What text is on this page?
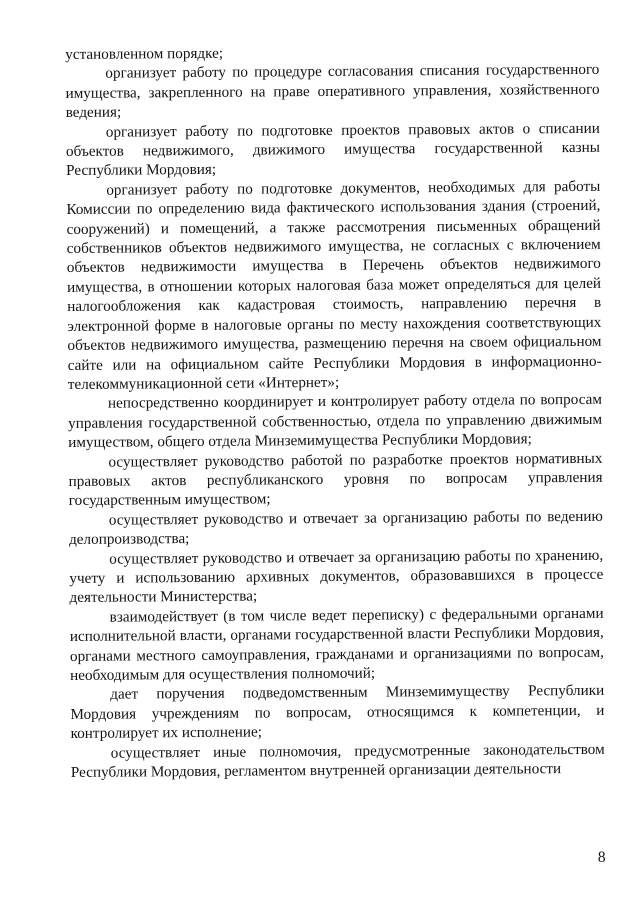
установленном порядке;

организует работу по процедуре согласования списания государственного имущества, закрепленного на праве оперативного управления, хозяйственного ведения;

организует работу по подготовке проектов правовых актов о списании объектов недвижимого, движимого имущества государственной казны Республики Мордовия;

организует работу по подготовке документов, необходимых для работы Комиссии по определению вида фактического использования здания (строений, сооружений) и помещений, а также рассмотрения письменных обращений собственников объектов недвижимого имущества, не согласных с включением объектов недвижимости имущества в Перечень объектов недвижимого имущества, в отношении которых налоговая база может определяться для целей налогообложения как кадастровая стоимость, направлению перечня в электронной форме в налоговые органы по месту нахождения соответствующих объектов недвижимого имущества, размещению перечня на своем официальном сайте или на официальном сайте Республики Мордовия в информационно-телекоммуникационной сети «Интернет»;

непосредственно координирует и контролирует работу отдела по вопросам управления государственной собственностью, отдела по управлению движимым имуществом, общего отдела Минземимущества Республики Мордовия;

осуществляет руководство работой по разработке проектов нормативных правовых актов республиканского уровня по вопросам управления государственным имуществом;

осуществляет руководство и отвечает за организацию работы по ведению делопроизводства;

осуществляет руководство и отвечает за организацию работы по хранению, учету и использованию архивных документов, образовавшихся в процессе деятельности Министерства;

взаимодействует (в том числе ведет переписку) с федеральными органами исполнительной власти, органами государственной власти Республики Мордовия, органами местного самоуправления, гражданами и организациями по вопросам, необходимым для осуществления полномочий;

дает поручения подведомственным Минземимуществу Республики Мордовия учреждениям по вопросам, относящимся к компетенции, и контролирует их исполнение;

осуществляет иные полномочия, предусмотренные законодательством Республики Мордовия, регламентом внутренней организации деятельности

8
